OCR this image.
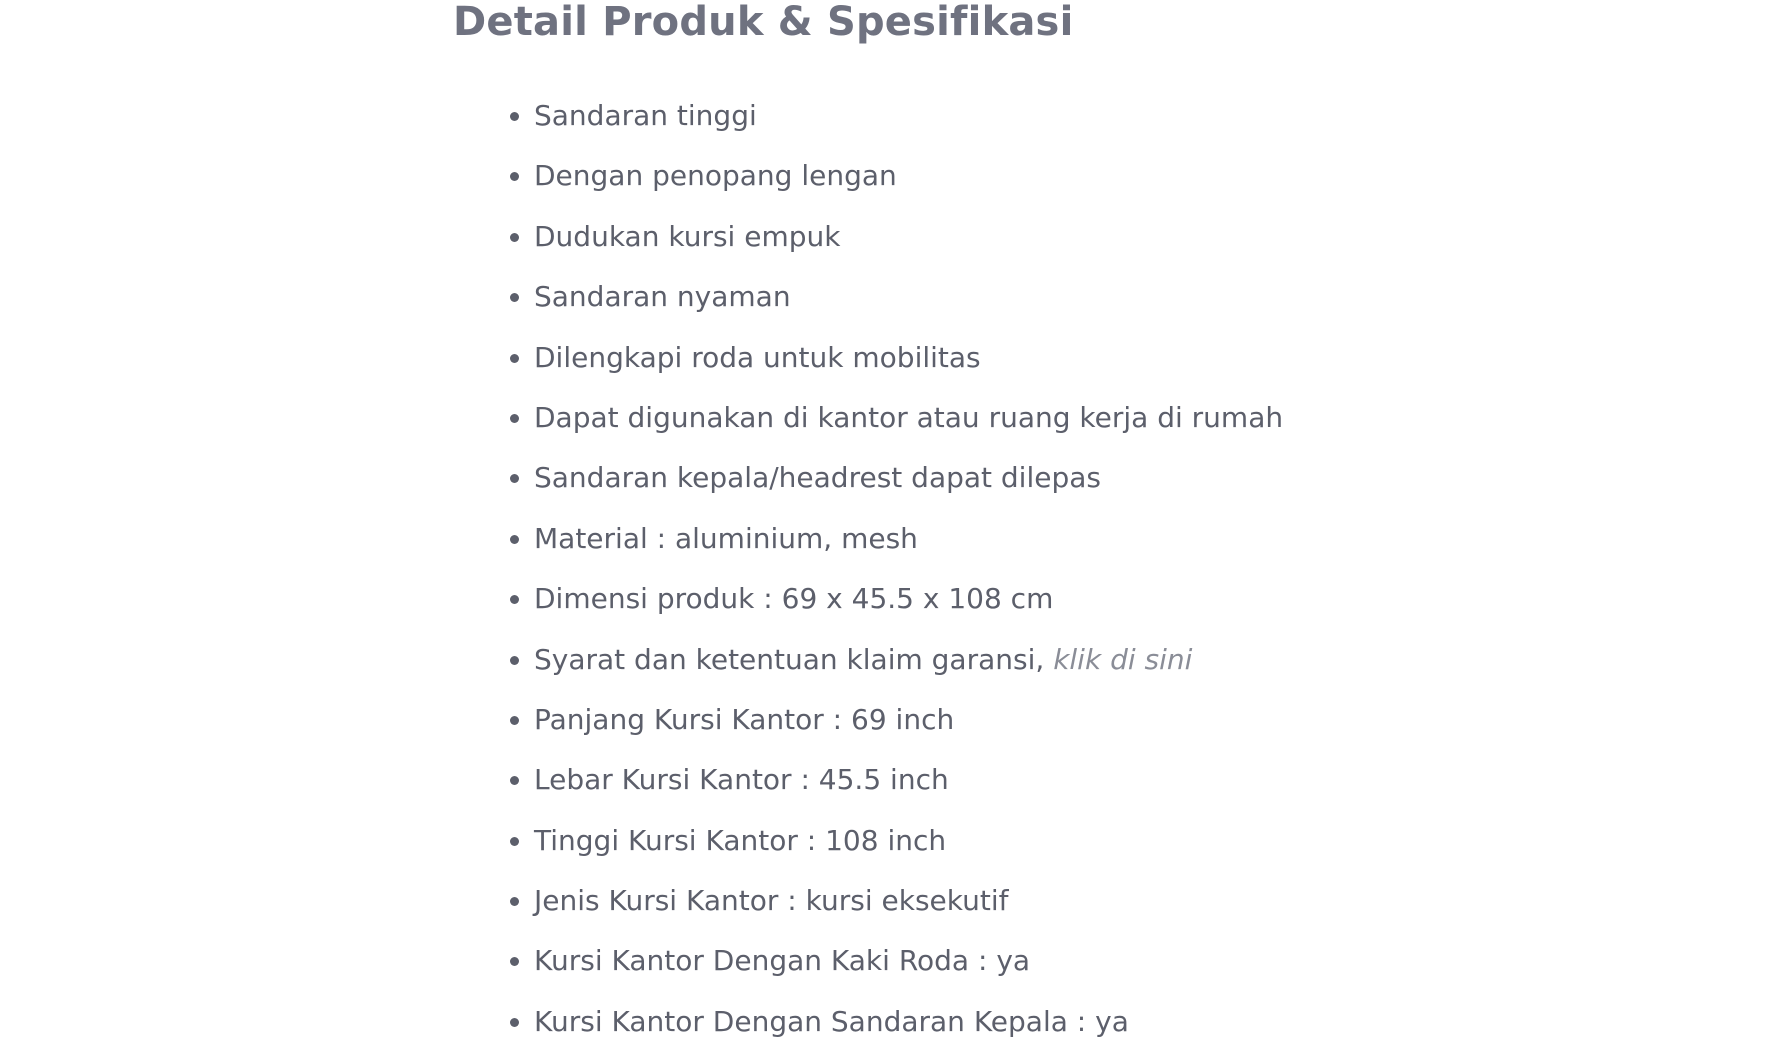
Detail Produk & Spesifikasi
Sandaran tinggi
Dengan penopang lengan
Dudukan kursi empuk
Sandaran nyaman
Dilengkapi roda untuk mobilitas
Dapat digunakan di kantor atau ruang kerja di rumah
Sandaran kepala/headrest dapat dilepas
Material : aluminium, mesh
Dimensi produk : 69 x 45.5 x 108 cm
Syarat dan ketentuan klaim garansi, klik di sini
Panjang Kursi Kantor : 69 inch
Lebar Kursi Kantor : 45.5 inch
Tinggi Kursi Kantor : 108 inch
Jenis Kursi Kantor : kursi eksekutif
Kursi Kantor Dengan Kaki Roda : ya
Kursi Kantor Dengan Sandaran Kepala : ya
